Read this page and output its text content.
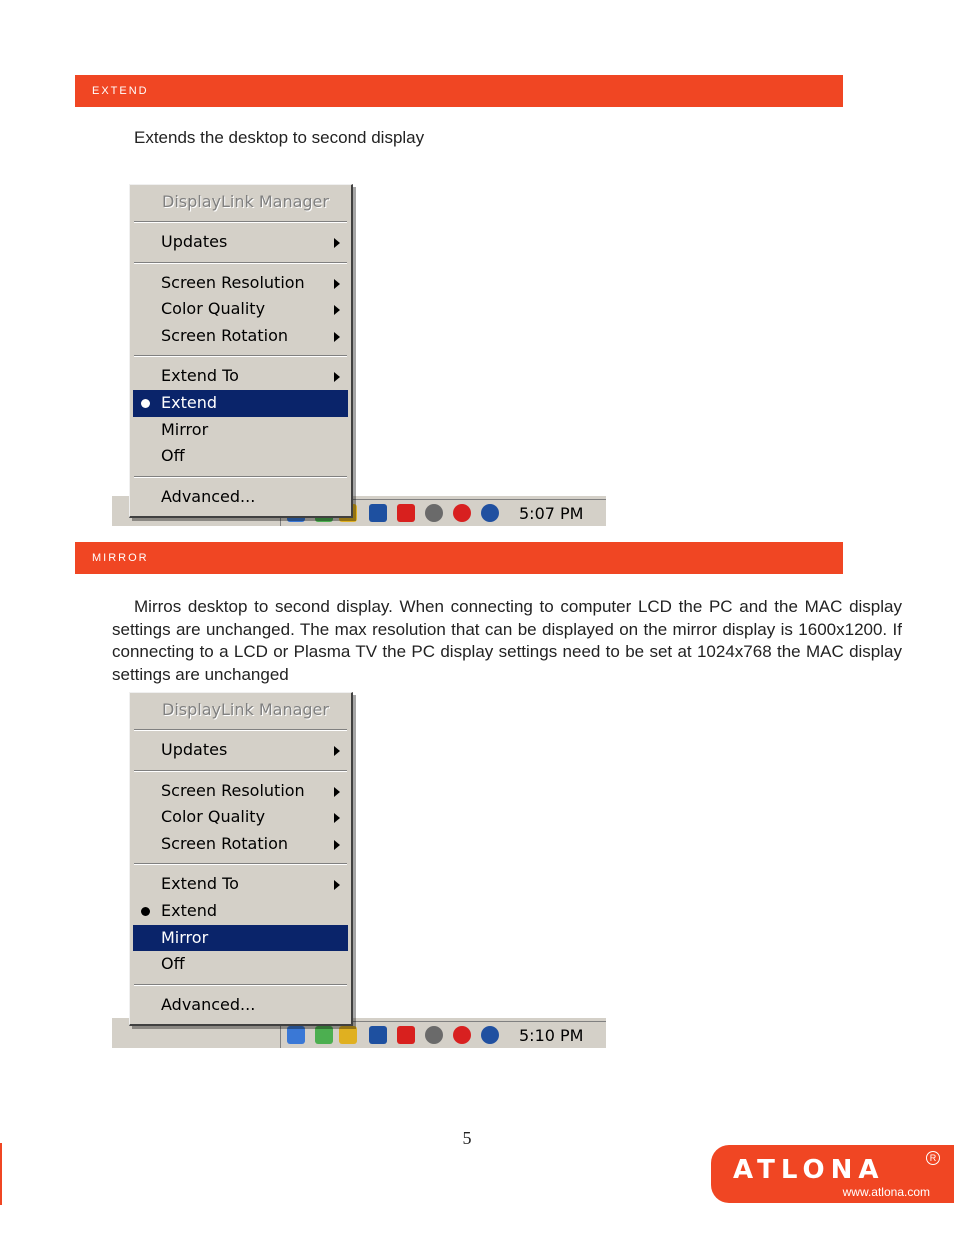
EXTEND
Extends the desktop to second display
5:07 PM
DisplayLink Manager
Updates
Screen Resolution
Color Quality
Screen Rotation
Extend To
Extend
Mirror
Off
Advanced...
MIRROR
Mirros desktop to second display. When connecting to computer LCD the PC and the MAC display settings are unchanged. The max resolution that can be displayed on the mirror display is 1600x1200. If connecting to a LCD or Plasma TV the PC display settings need to be set at 1024x768 the MAC display settings are unchanged
5:10 PM
DisplayLink Manager
Updates
Screen Resolution
Color Quality
Screen Rotation
Extend To
Extend
Mirror
Off
Advanced...
5
ATLONA	R
www.atlona.com
